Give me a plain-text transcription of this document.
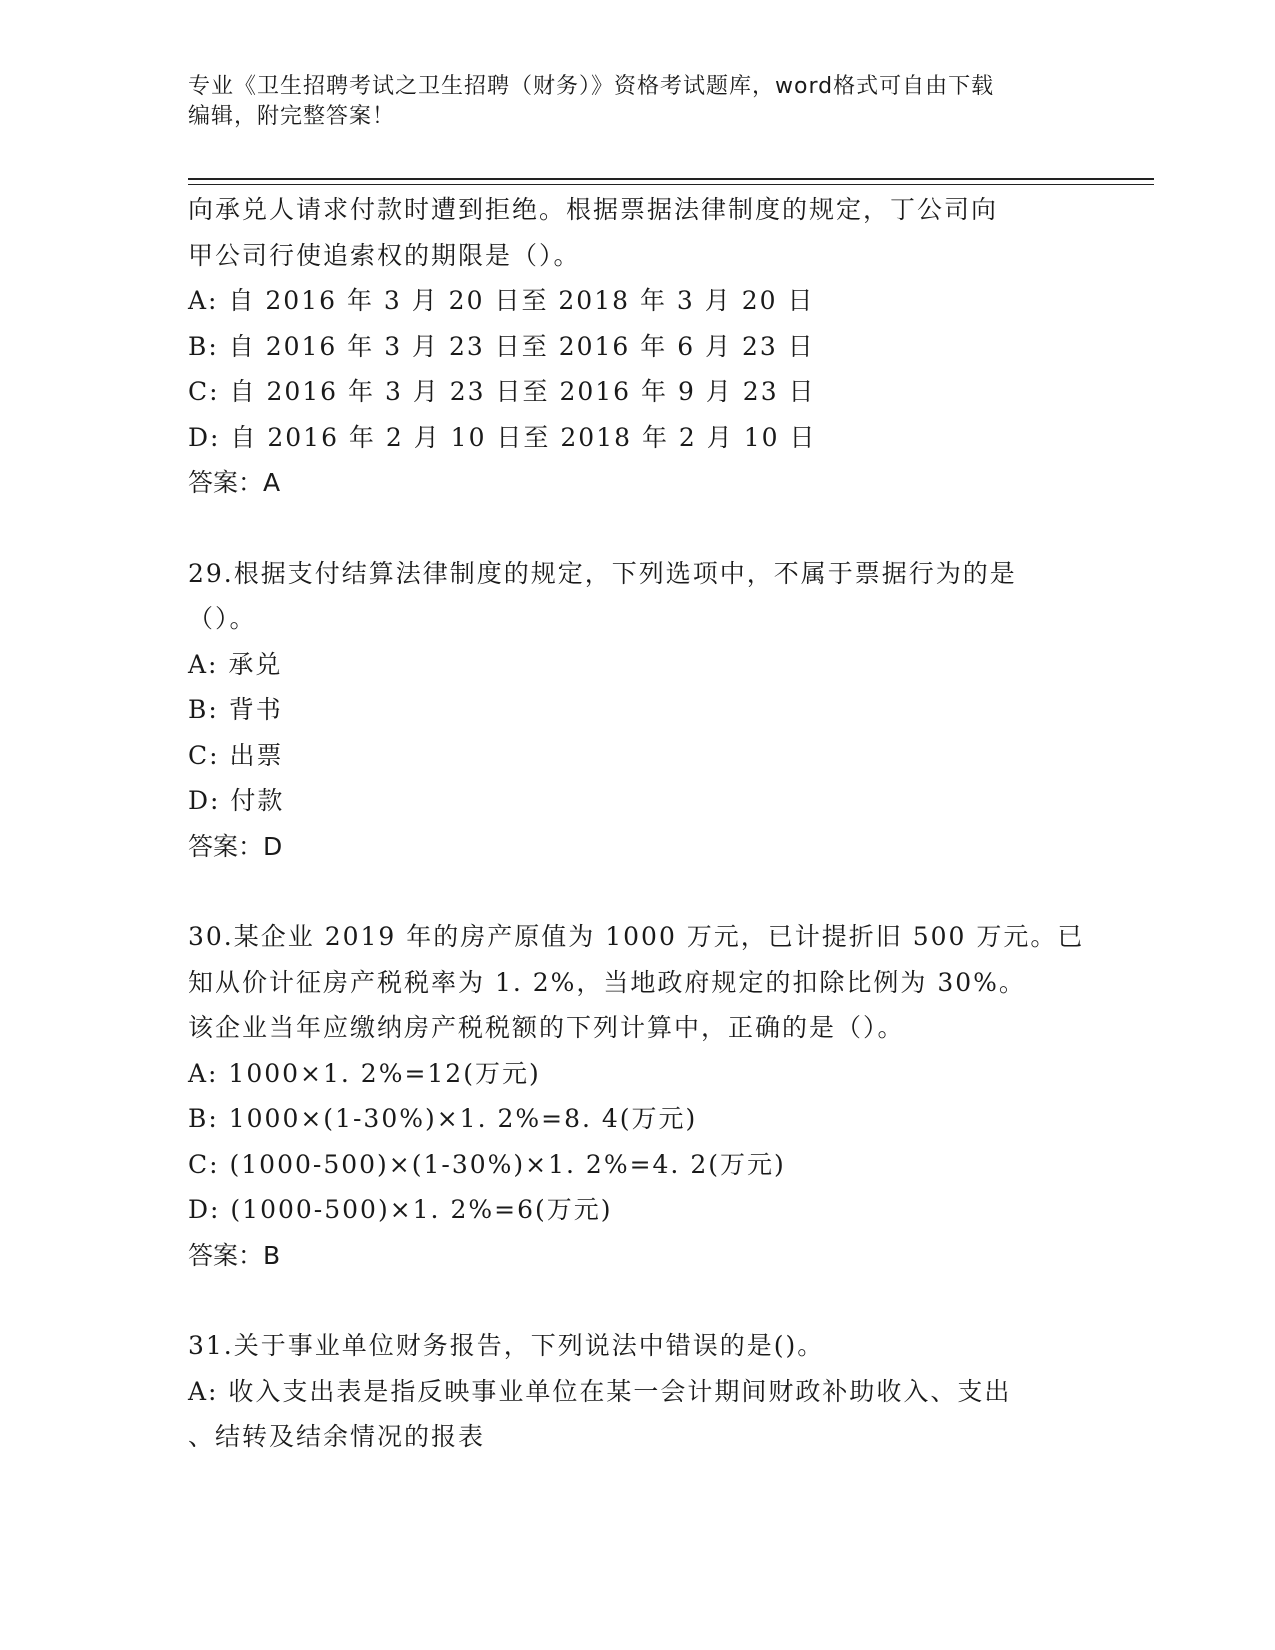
专业《卫生招聘考试之卫生招聘（财务）》资格考试题库，word格式可自由下载
编辑，附完整答案！
向承兑人请求付款时遭到拒绝。根据票据法律制度的规定，丁公司向
甲公司行使追索权的期限是（）。
A: 自 2016 年 3 月 20 日至 2018 年 3 月 20 日
B: 自 2016 年 3 月 23 日至 2016 年 6 月 23 日
C: 自 2016 年 3 月 23 日至 2016 年 9 月 23 日
D: 自 2016 年 2 月 10 日至 2018 年 2 月 10 日
答案：A
29.根据支付结算法律制度的规定，下列选项中，不属于票据行为的是
（）。
A: 承兑
B: 背书
C: 出票
D: 付款
答案：D
30.某企业 2019 年的房产原值为 1000 万元，已计提折旧 500 万元。已
知从价计征房产税税率为 1. 2%，当地政府规定的扣除比例为 30%。
该企业当年应缴纳房产税税额的下列计算中，正确的是（）。
A: 1000×1. 2%=12(万元)
B: 1000×(1-30%)×1. 2%=8. 4(万元)
C: (1000-500)×(1-30%)×1. 2%=4. 2(万元)
D: (1000-500)×1. 2%=6(万元)
答案：B
31.关于事业单位财务报告，下列说法中错误的是()。
A: 收入支出表是指反映事业单位在某一会计期间财政补助收入、支出
、结转及结余情况的报表
